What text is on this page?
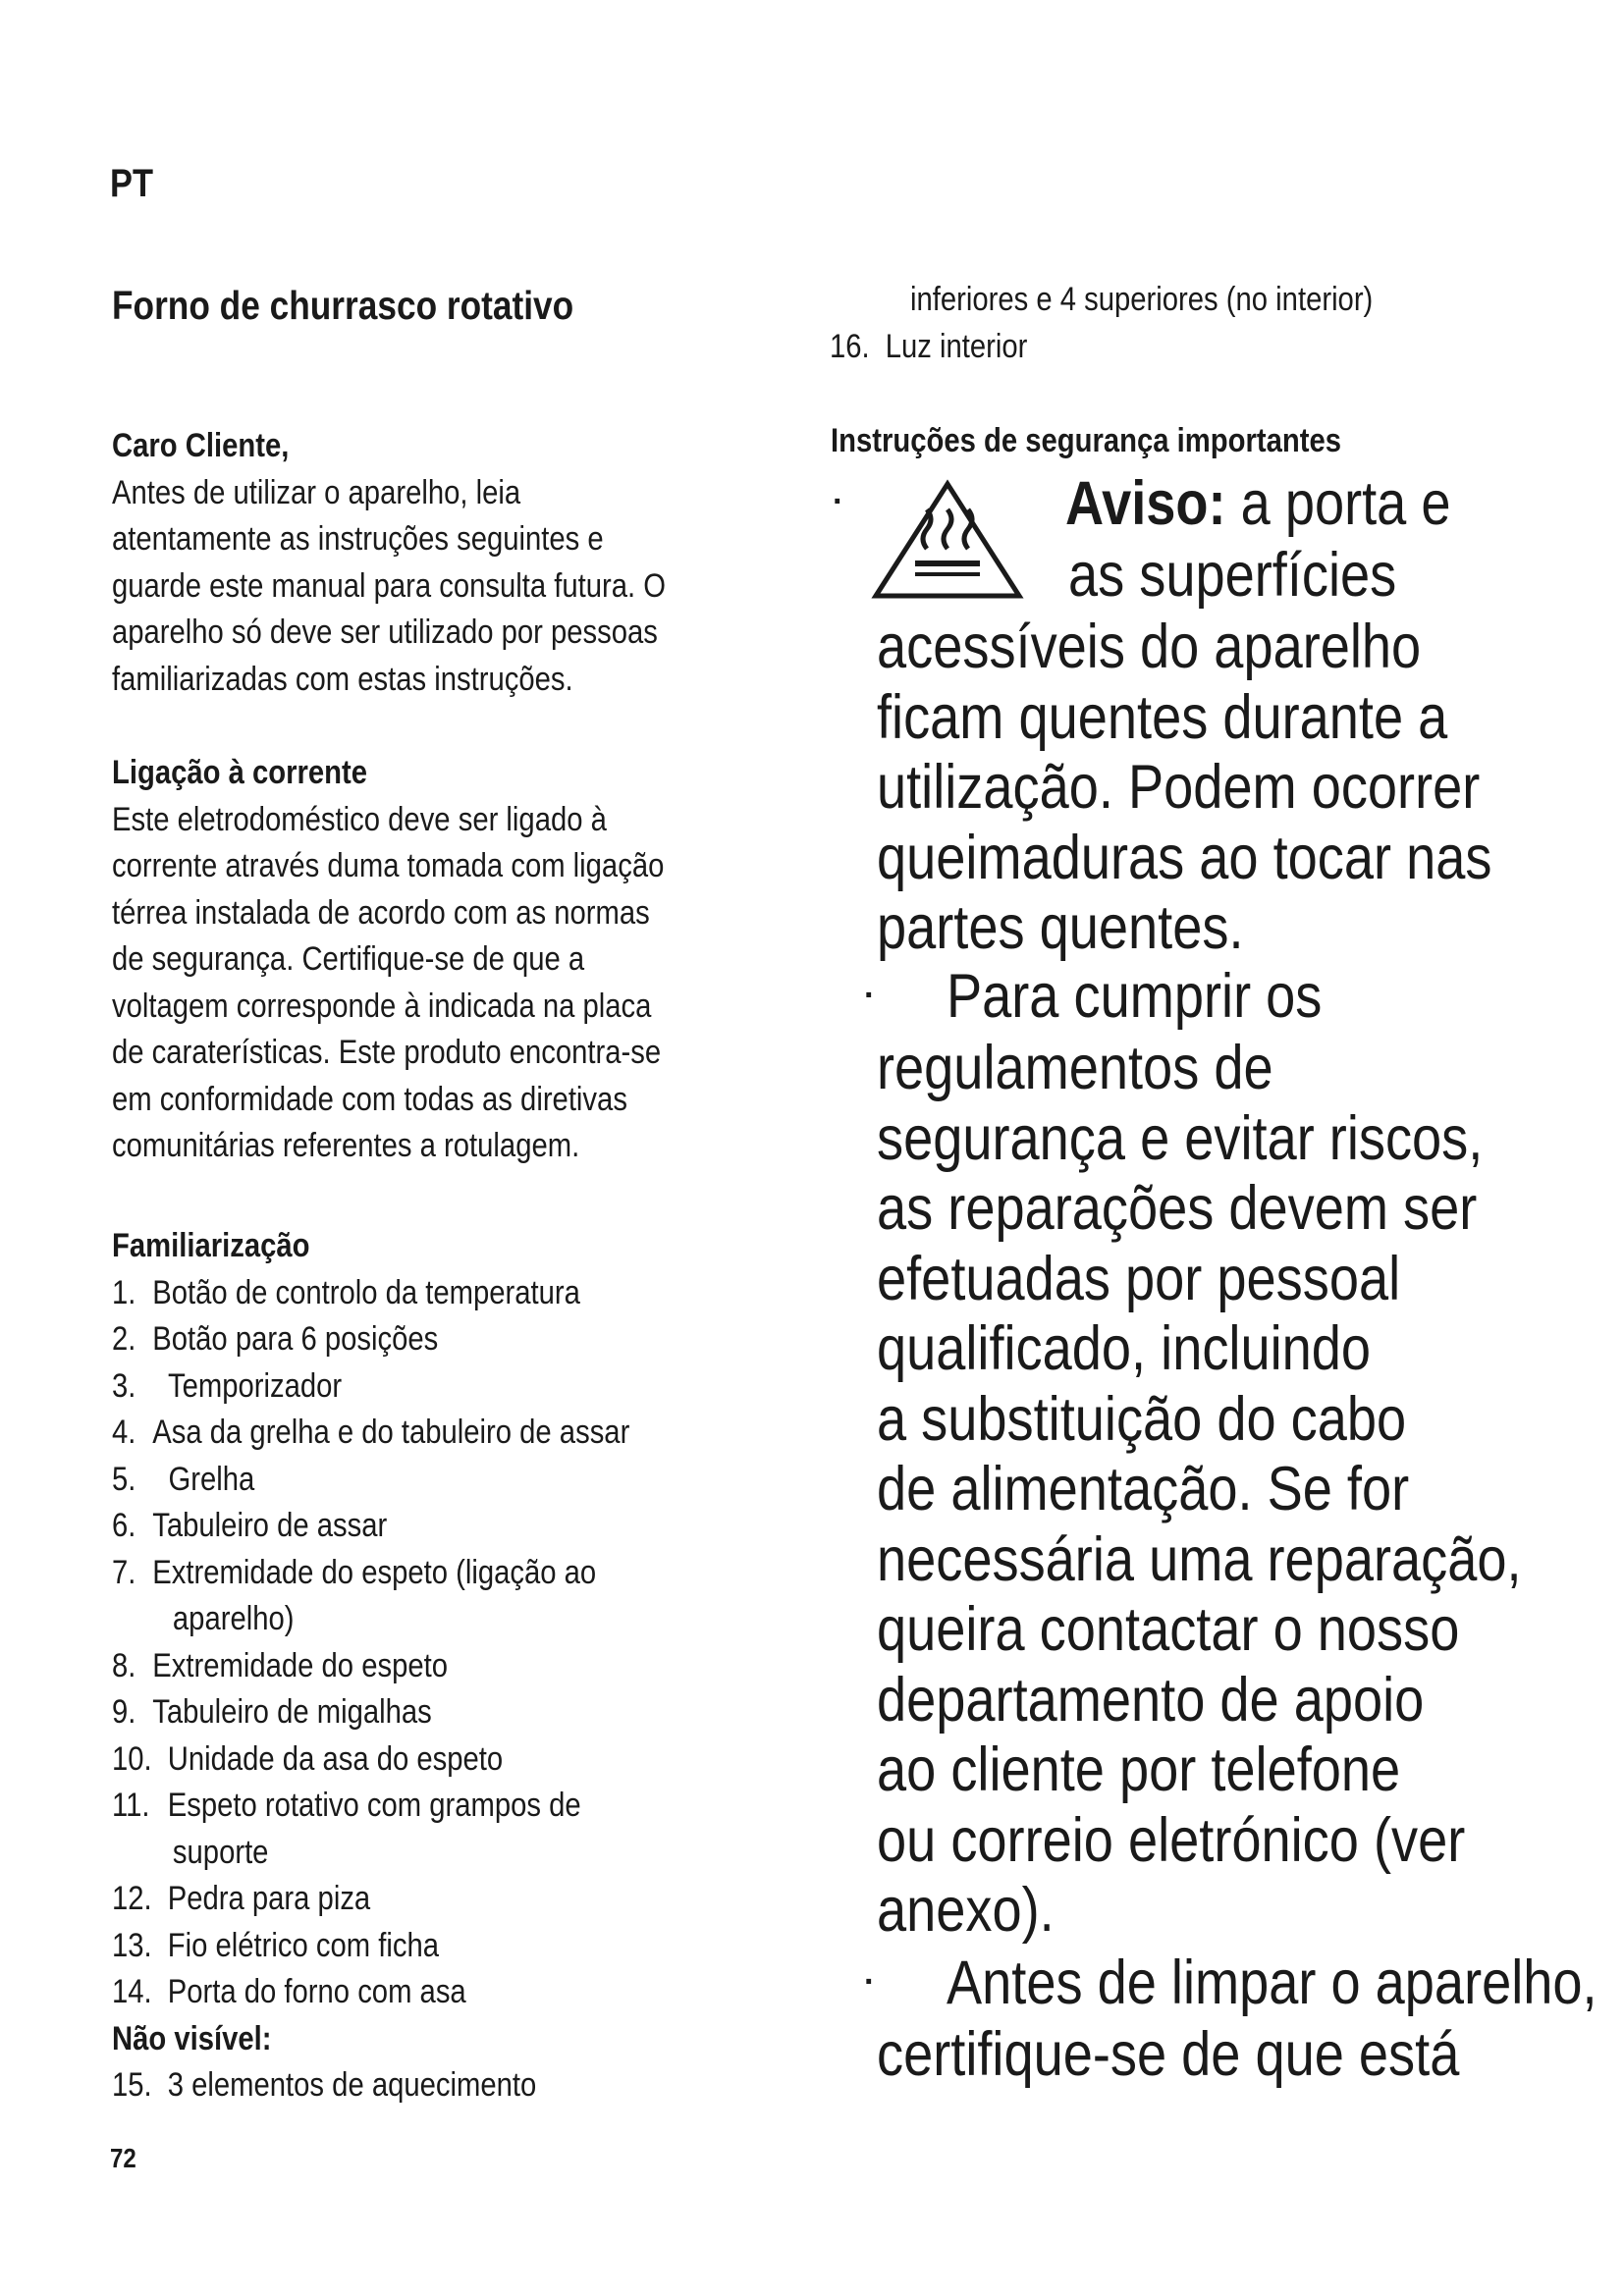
PT
Forno de churrasco rotativo
Caro Cliente,
Antes de utilizar o aparelho, leia
atentamente as instruções seguintes e
guarde este manual para consulta futura. O
aparelho só deve ser utilizado por pessoas
familiarizadas com estas instruções.
Ligação à corrente
Este eletrodoméstico deve ser ligado à
corrente através duma tomada com ligação
térrea instalada de acordo com as normas
de segurança. Certifique-se de que a
voltagem corresponde à indicada na placa
de caraterísticas. Este produto encontra-se
em conformidade com todas as diretivas
comunitárias referentes a rotulagem.
Familiarização
1. Botão de controlo da temperatura
2. Botão para 6 posições
3.  Temporizador
4. Asa da grelha e do tabuleiro de assar
5.  Grelha
6. Tabuleiro de assar
7. Extremidade do espeto (ligação ao
aparelho)
8. Extremidade do espeto
9. Tabuleiro de migalhas
10. Unidade da asa do espeto
11. Espeto rotativo com grampos de
suporte
12. Pedra para piza
13. Fio elétrico com ficha
14. Porta do forno com asa
Não visível:
15. 3 elementos de aquecimento
72
inferiores e 4 superiores (no interior)
16. Luz interior
Instruções de segurança importantes
·	Aviso: a porta e
as superfícies
acessíveis do aparelho
ficam quentes durante a
utilização. Podem ocorrer
queimaduras ao tocar nas
partes quentes.
· Para cumprir os
regulamentos de
segurança e evitar riscos,
as reparações devem ser
efetuadas por pessoal
qualificado, incluindo
a substituição do cabo
de alimentação. Se for
necessária uma reparação,
queira contactar o nosso
departamento de apoio
ao cliente por telefone
ou correio eletrónico (ver
anexo).
· Antes de limpar o aparelho,
certifique-se de que está
